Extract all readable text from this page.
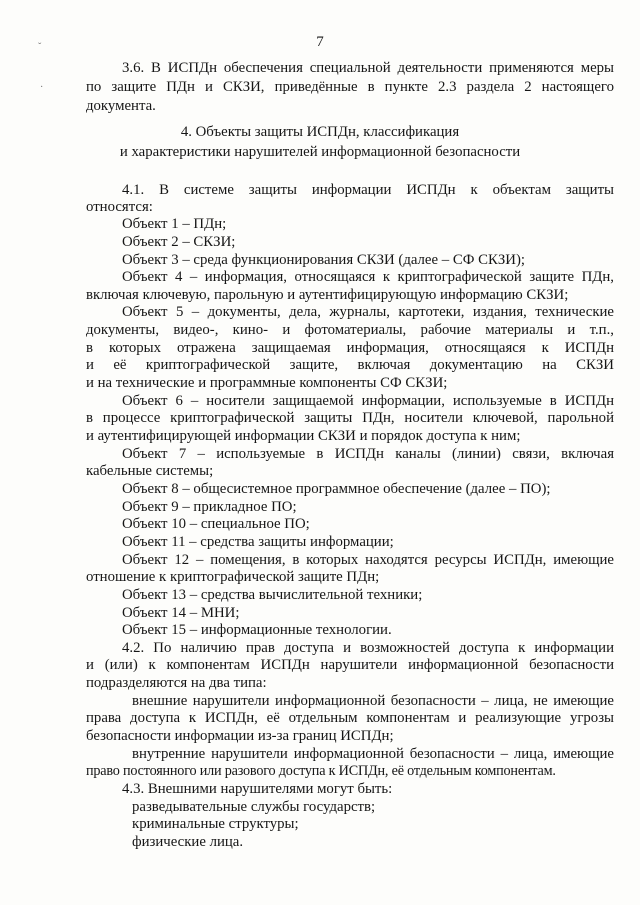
ˇ
·
7
3.6. В ИСПДн обеспечения специальной деятельности применяются меры
по защите ПДн и СКЗИ, приведённые в пункте 2.3 раздела 2 настоящего
документа.
4. Объекты защиты ИСПДн, классификация
и характеристики нарушителей информационной безопасности
4.1. В системе защиты информации ИСПДн к объектам защиты
относятся:
Объект 1 – ПДн;
Объект 2 – СКЗИ;
Объект 3 – среда функционирования СКЗИ (далее – СФ СКЗИ);
Объект 4 – информация, относящаяся к криптографической защите ПДн,
включая ключевую, парольную и аутентифицирующую информацию СКЗИ;
Объект 5 – документы, дела, журналы, картотеки, издания, технические
документы, видео-, кино- и фотоматериалы, рабочие материалы и т.п.,
в которых отражена защищаемая информация, относящаяся к ИСПДн
и её криптографической защите, включая документацию на СКЗИ
и на технические и программные компоненты СФ СКЗИ;
Объект 6 – носители защищаемой информации, используемые в ИСПДн
в процессе криптографической защиты ПДн, носители ключевой, парольной
и аутентифицирующей информации СКЗИ и порядок доступа к ним;
Объект 7 – используемые в ИСПДн каналы (линии) связи, включая
кабельные системы;
Объект 8 – общесистемное программное обеспечение (далее – ПО);
Объект 9 – прикладное ПО;
Объект 10 – специальное ПО;
Объект 11 – средства защиты информации;
Объект 12 – помещения, в которых находятся ресурсы ИСПДн, имеющие
отношение к криптографической защите ПДн;
Объект 13 – средства вычислительной техники;
Объект 14 – МНИ;
Объект 15 – информационные технологии.
4.2. По наличию прав доступа и возможностей доступа к информации
и (или) к компонентам ИСПДн нарушители информационной безопасности
подразделяются на два типа:
внешние нарушители информационной безопасности – лица, не имеющие
права доступа к ИСПДн, её отдельным компонентам и реализующие угрозы
безопасности информации из-за границ ИСПДн;
внутренние нарушители информационной безопасности – лица, имеющие
право постоянного или разового доступа к ИСПДн, её отдельным компонентам.
4.3. Внешними нарушителями могут быть:
разведывательные службы государств;
криминальные структуры;
физические лица.
